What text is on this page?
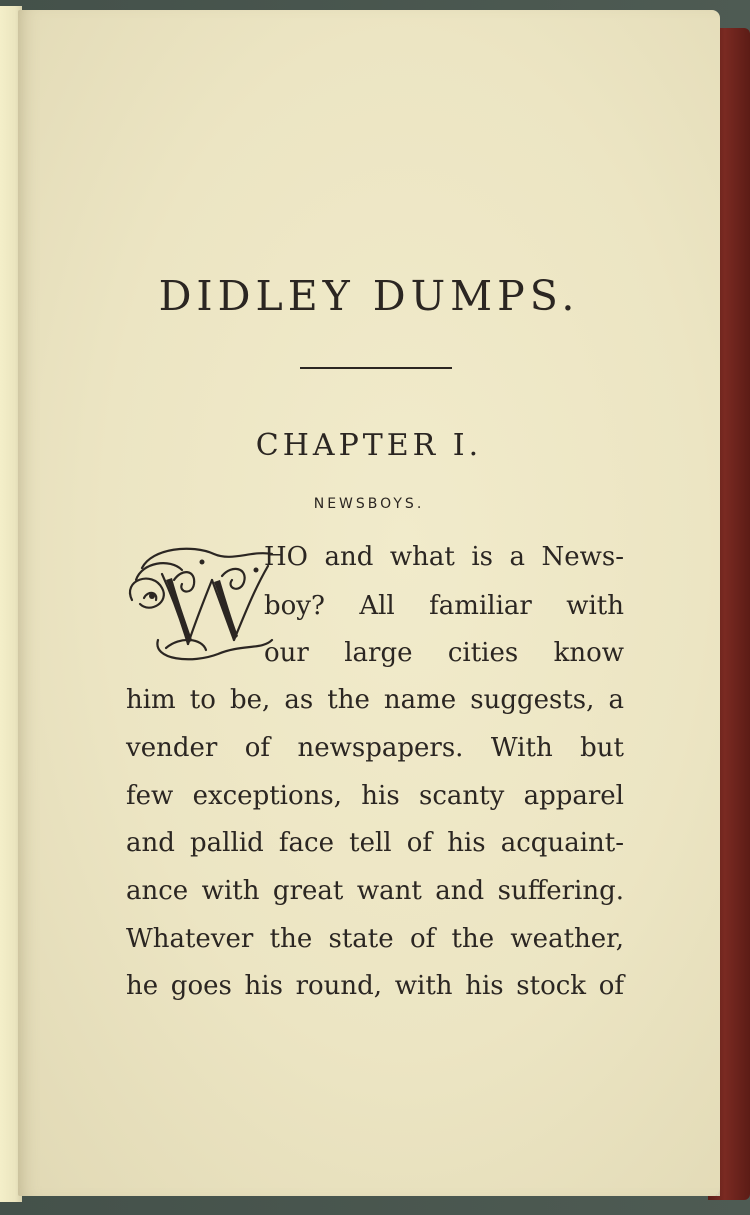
DIDLEY DUMPS.
CHAPTER I.

NEWSBOYS.

HO and what is a News-
boy? All familiar with
our large cities know
him to be, as the name suggests, a
vender of newspapers. With but
few exceptions, his scanty apparel
and pallid face tell of his acquaint-
ance with great want and suffering.
Whatever the state of the weather,
he goes his round, with his stock of
